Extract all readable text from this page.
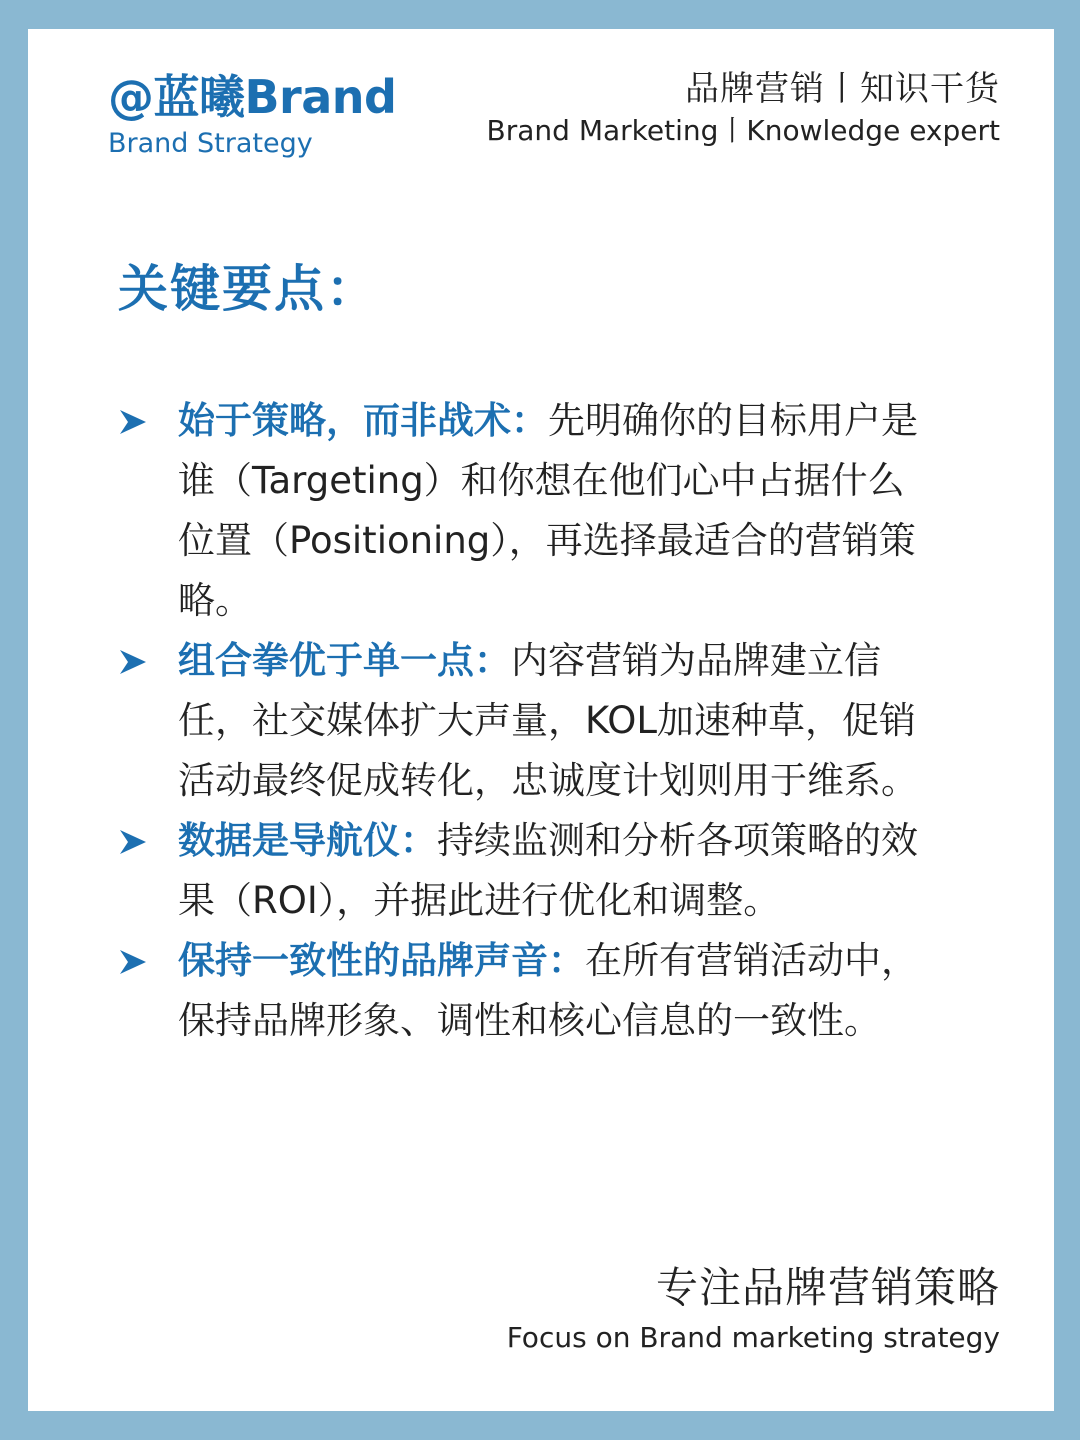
@蓝曦Brand
Brand Strategy
品牌营销丨知识干货
Brand Marketing丨Knowledge expert
关键要点：
始于策略，而非战术：先明确你的目标用户是谁（Targeting）和你想在他们心中占据什么位置（Positioning），再选择最适合的营销策略。
组合拳优于单一点：内容营销为品牌建立信任，社交媒体扩大声量，KOL加速种草，促销活动最终促成转化，忠诚度计划则用于维系。
数据是导航仪：持续监测和分析各项策略的效果（ROI），并据此进行优化和调整。
保持一致性的品牌声音：在所有营销活动中，保持品牌形象、调性和核心信息的一致性。
专注品牌营销策略
Focus on Brand marketing strategy
